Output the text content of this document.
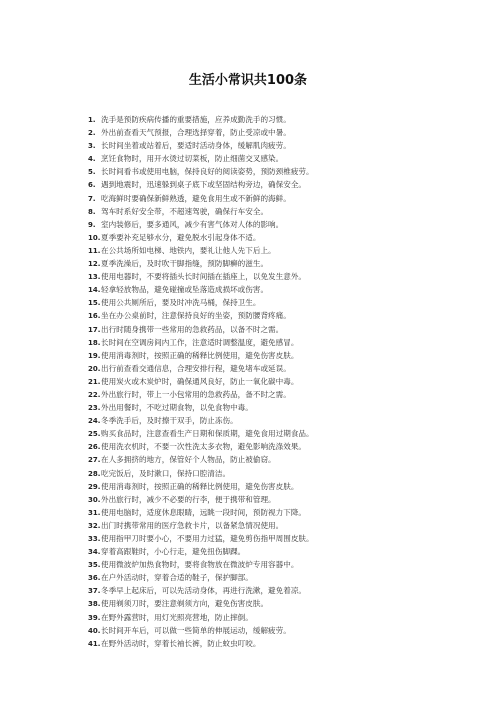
生活小常识共100条
1. 洗手是预防疾病传播的重要措施，应养成勤洗手的习惯。
2. 外出前查看天气预报，合理选择穿着，防止受凉或中暑。
3. 长时间坐着或站着后，要适时活动身体，缓解肌肉疲劳。
4. 烹饪食物时，用开水烫过切菜板，防止细菌交叉感染。
5. 长时间看书或使用电脑，保持良好的阅读姿势，预防颈椎疲劳。
6. 遇到地震时，迅速躲到桌子底下或坚固结构旁边，确保安全。
7. 吃海鲜时要确保新鲜熟透，避免食用生或不新鲜的海鲜。
8. 驾车时系好安全带，不超速驾驶，确保行车安全。
9. 室内装修后，要多通风，减少有害气体对人体的影响。
10.夏季要补充足够水分，避免脱水引起身体不适。
11.在公共场所如电梯、地铁内，要礼让他人先下后上。
12.夏季洗澡后，及时吹干脚指缝，预防脚癣的滋生。
13.使用电器时，不要将插头长时间插在插座上，以免发生意外。
14.轻拿轻放物品，避免碰撞或坠落造成损坏或伤害。
15.使用公共厕所后，要及时冲洗马桶，保持卫生。
16.坐在办公桌前时，注意保持良好的坐姿，预防腰背疼痛。
17.出行时随身携带一些常用的急救药品，以备不时之需。
18.长时间在空调房间内工作，注意适时调整温度，避免感冒。
19.使用消毒剂时，按照正确的稀释比例使用，避免伤害皮肤。
20.出行前查看交通信息，合理安排行程，避免堵车或延误。
21.使用炭火或木炭炉时，确保通风良好，防止一氧化碳中毒。
22.外出旅行时，带上一小包常用的急救药品，备不时之需。
23.外出用餐时，不吃过期食物，以免食物中毒。
24.冬季洗手后，及时擦干双手，防止冻伤。
25.购买食品时，注意查看生产日期和保质期，避免食用过期食品。
26.使用洗衣机时，不要一次性洗太多衣物，避免影响洗涤效果。
27.在人多拥挤的地方，保管好个人物品，防止被偷窃。
28.吃完饭后，及时漱口，保持口腔清洁。
29.使用消毒剂时，按照正确的稀释比例使用，避免伤害皮肤。
30.外出旅行时，减少不必要的行李，便于携带和管理。
31.使用电脑时，适度休息眼睛，远眺一段时间，预防视力下降。
32.出门时携带常用的医疗急救卡片，以备紧急情况使用。
33.使用指甲刀时要小心，不要用力过猛，避免剪伤指甲周围皮肤。
34.穿着高跟鞋时，小心行走，避免扭伤脚踝。
35.使用微波炉加热食物时，要将食物放在微波炉专用容器中。
36.在户外活动时，穿着合适的鞋子，保护脚部。
37.冬季早上起床后，可以先活动身体，再进行洗漱，避免着凉。
38.使用剃须刀时，要注意剃须方向，避免伤害皮肤。
39.在野外露营时，用灯光照亮营地，防止摔倒。
40.长时间开车后，可以做一些简单的伸展运动，缓解疲劳。
41.在野外活动时，穿着长袖长裤，防止蚊虫叮咬。
